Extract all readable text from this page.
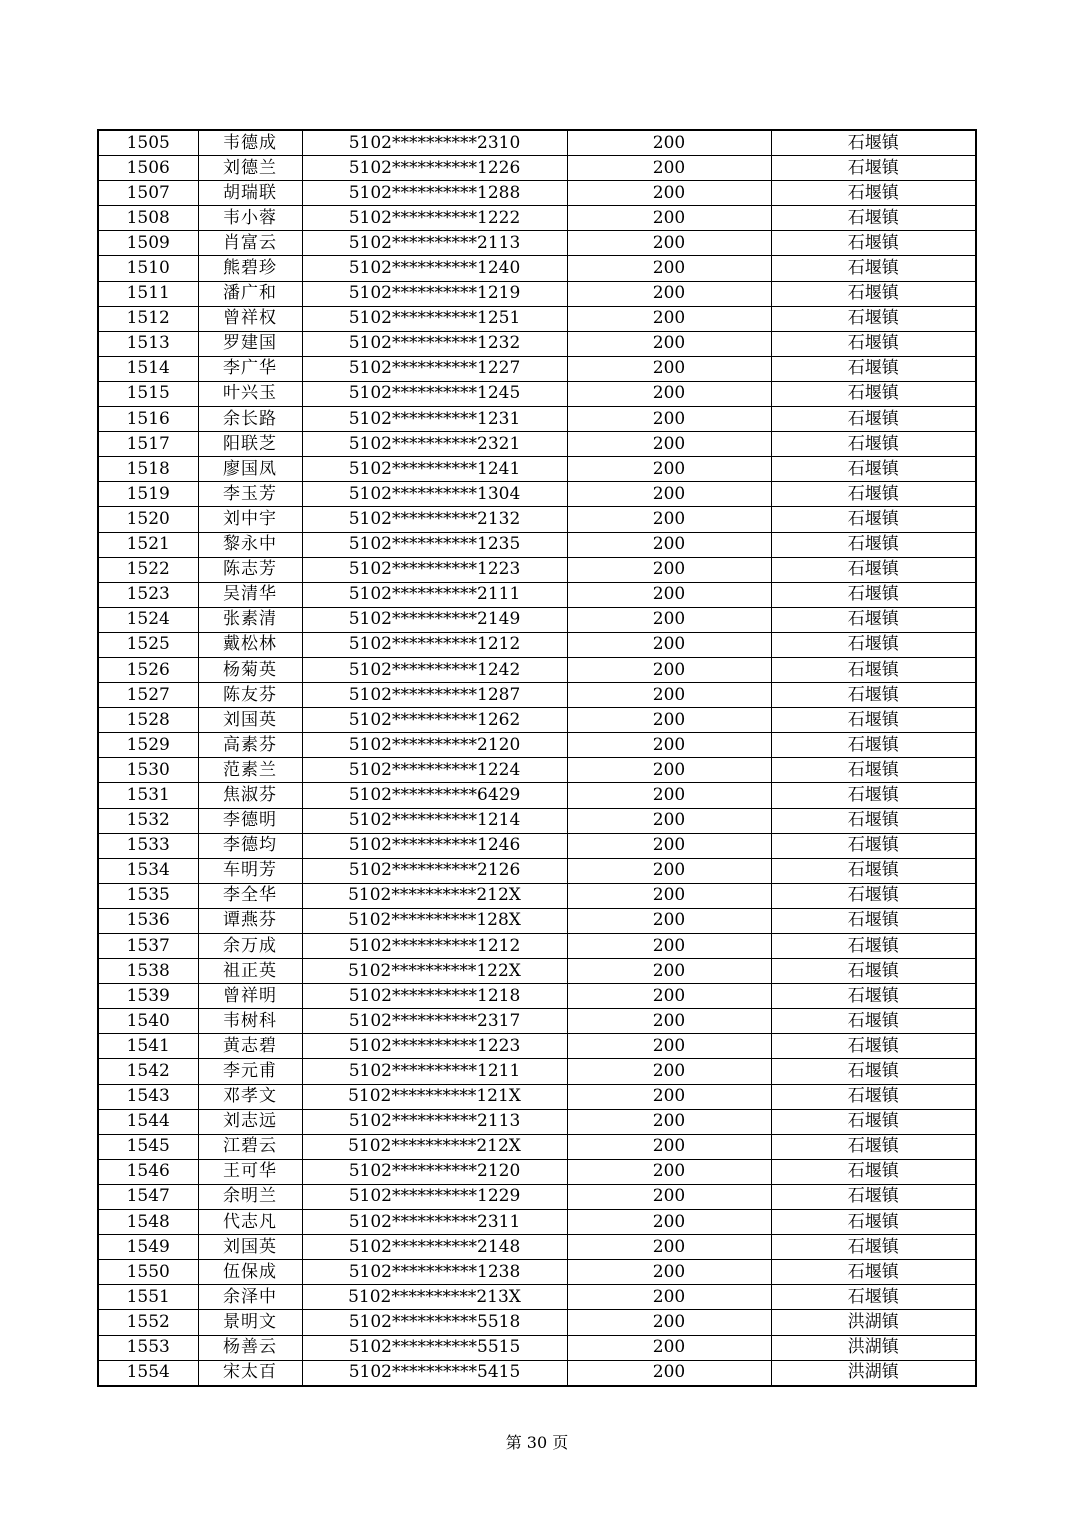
1505	韦德成	5102**********2310	200	石堰镇
1506	刘德兰	5102**********1226	200	石堰镇
1507	胡瑞联	5102**********1288	200	石堰镇
1508	韦小蓉	5102**********1222	200	石堰镇
1509	肖富云	5102**********2113	200	石堰镇
1510	熊碧珍	5102**********1240	200	石堰镇
1511	潘广和	5102**********1219	200	石堰镇
1512	曾祥权	5102**********1251	200	石堰镇
1513	罗建国	5102**********1232	200	石堰镇
1514	李广华	5102**********1227	200	石堰镇
1515	叶兴玉	5102**********1245	200	石堰镇
1516	余长路	5102**********1231	200	石堰镇
1517	阳联芝	5102**********2321	200	石堰镇
1518	廖国凤	5102**********1241	200	石堰镇
1519	李玉芳	5102**********1304	200	石堰镇
1520	刘中宇	5102**********2132	200	石堰镇
1521	黎永中	5102**********1235	200	石堰镇
1522	陈志芳	5102**********1223	200	石堰镇
1523	吴清华	5102**********2111	200	石堰镇
1524	张素清	5102**********2149	200	石堰镇
1525	戴松林	5102**********1212	200	石堰镇
1526	杨菊英	5102**********1242	200	石堰镇
1527	陈友芬	5102**********1287	200	石堰镇
1528	刘国英	5102**********1262	200	石堰镇
1529	高素芬	5102**********2120	200	石堰镇
1530	范素兰	5102**********1224	200	石堰镇
1531	焦淑芬	5102**********6429	200	石堰镇
1532	李德明	5102**********1214	200	石堰镇
1533	李德均	5102**********1246	200	石堰镇
1534	车明芳	5102**********2126	200	石堰镇
1535	李全华	5102**********212X	200	石堰镇
1536	谭燕芬	5102**********128X	200	石堰镇
1537	余万成	5102**********1212	200	石堰镇
1538	祖正英	5102**********122X	200	石堰镇
1539	曾祥明	5102**********1218	200	石堰镇
1540	韦树科	5102**********2317	200	石堰镇
1541	黄志碧	5102**********1223	200	石堰镇
1542	李元甫	5102**********1211	200	石堰镇
1543	邓孝文	5102**********121X	200	石堰镇
1544	刘志远	5102**********2113	200	石堰镇
1545	江碧云	5102**********212X	200	石堰镇
1546	王可华	5102**********2120	200	石堰镇
1547	余明兰	5102**********1229	200	石堰镇
1548	代志凡	5102**********2311	200	石堰镇
1549	刘国英	5102**********2148	200	石堰镇
1550	伍保成	5102**********1238	200	石堰镇
1551	余泽中	5102**********213X	200	石堰镇
1552	景明文	5102**********5518	200	洪湖镇
1553	杨善云	5102**********5515	200	洪湖镇
1554	宋太百	5102**********5415	200	洪湖镇
第 30 页
